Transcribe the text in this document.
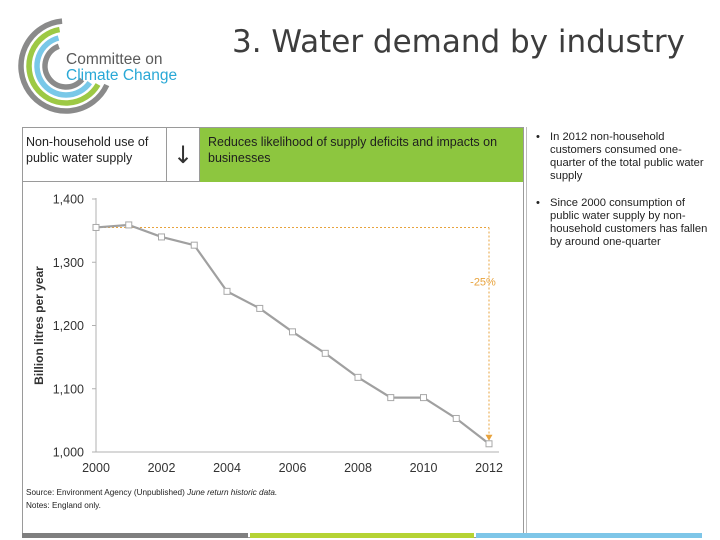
Committee on
Climate Change
3. Water demand by industry
Non-household use of public water supply	↓	Reduces likelihood of supply deficits and impacts on businesses
1,000
1,100
1,200
1,300
1,400
2000	2002	2004	2006	2008	2010	2012
Billion litres per year	-25%
Source: Environment Agency (Unpublished) June return historic data.
Notes: England only.
• In 2012 non-household customers consumed one-quarter of the total public water supply
• Since 2000 consumption of public water supply by non-household customers has fallen by around one-quarter
